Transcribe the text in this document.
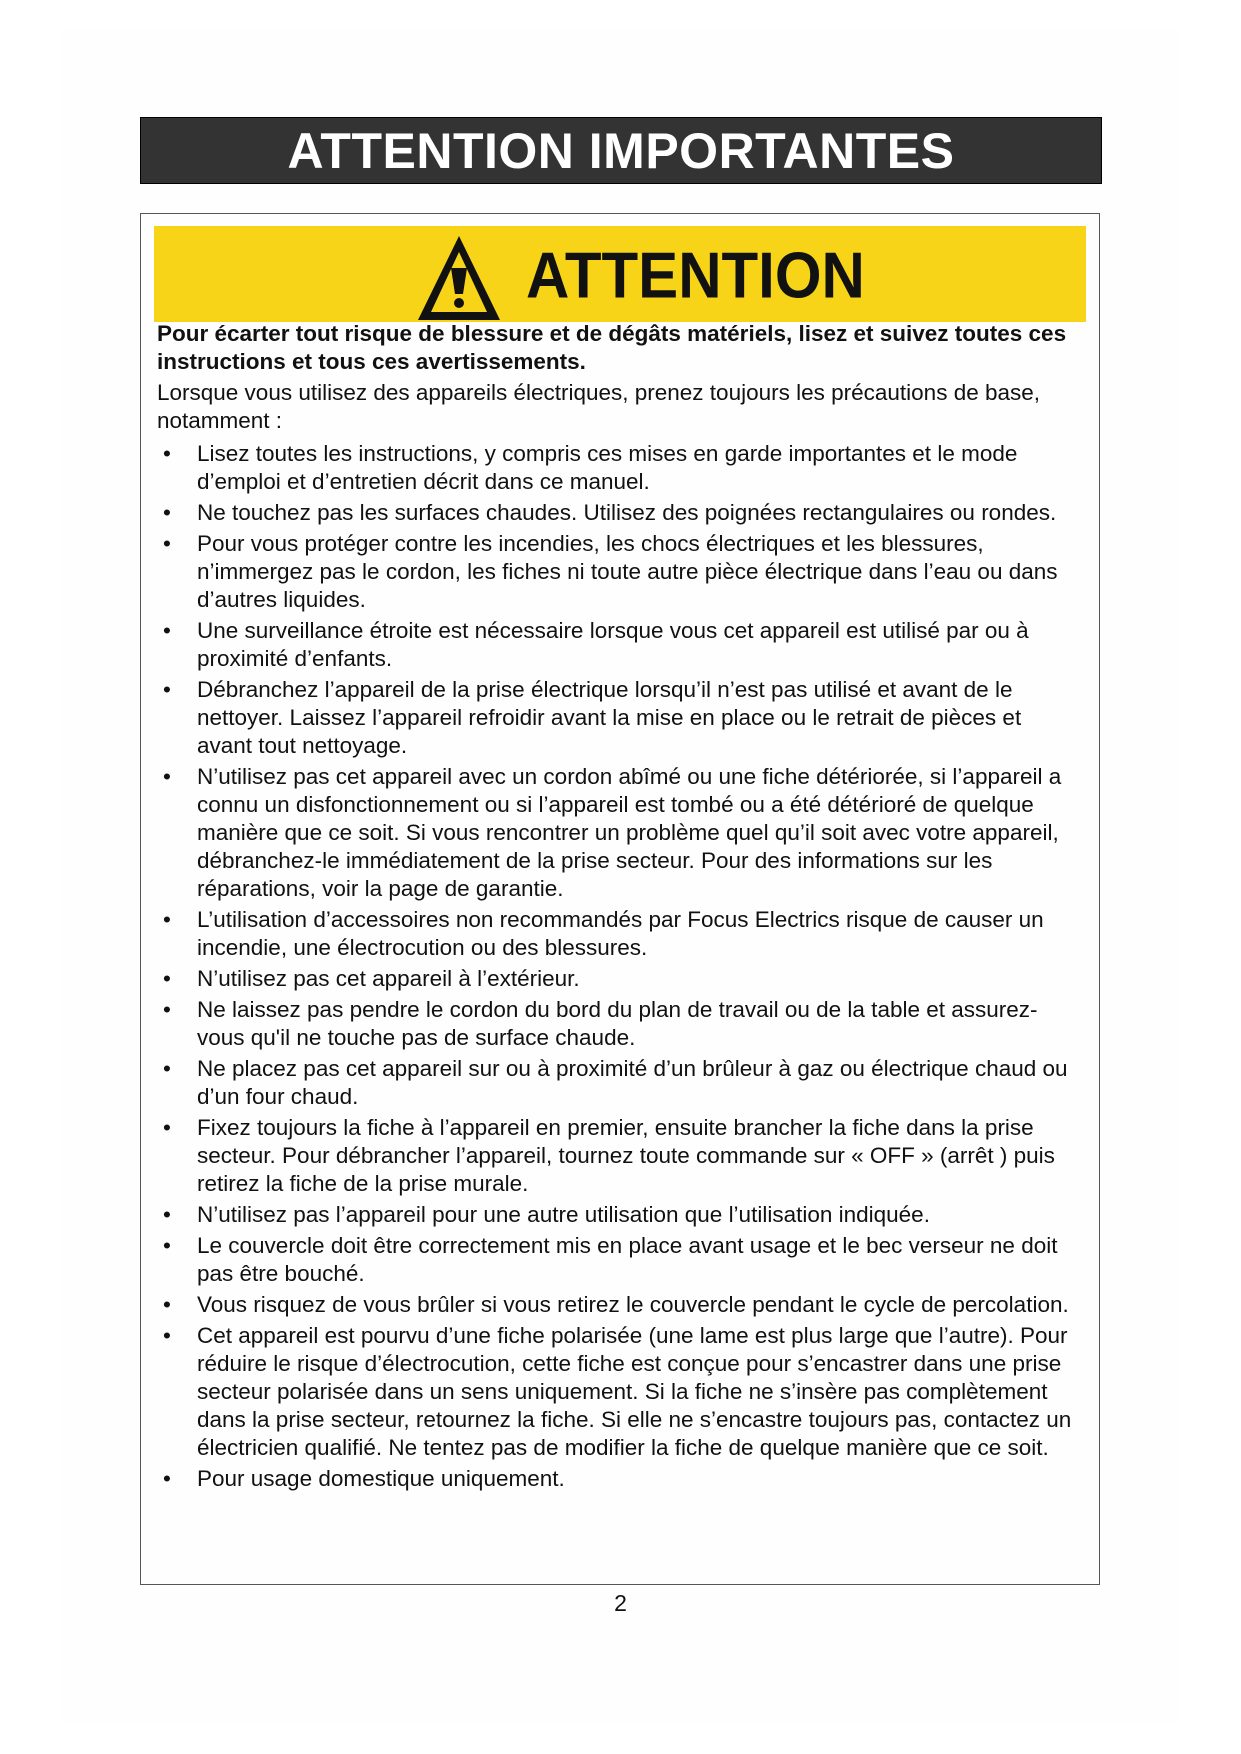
ATTENTION IMPORTANTES
ATTENTION

Pour écarter tout risque de blessure et de dégâts matériels, lisez et suivez toutes ces instructions et tous ces avertissements.

Lorsque vous utilisez des appareils électriques, prenez toujours les précautions de base, notamment :

• Lisez toutes les instructions, y compris ces mises en garde importantes et le mode d’emploi et d’entretien décrit dans ce manuel.
• Ne touchez pas les surfaces chaudes. Utilisez des poignées rectangulaires ou rondes.
• Pour vous protéger contre les incendies, les chocs électriques et les blessures, n’immergez pas le cordon, les fiches ni toute autre pièce électrique dans l’eau ou dans d’autres liquides.
• Une surveillance étroite est nécessaire lorsque vous cet appareil est utilisé par ou à proximité d’enfants.
• Débranchez l’appareil de la prise électrique lorsqu’il n’est pas utilisé et avant de le nettoyer. Laissez l’appareil refroidir avant la mise en place ou le retrait de pièces et avant tout nettoyage.
• N’utilisez pas cet appareil avec un cordon abîmé ou une fiche détériorée, si l’appareil a connu un disfonctionnement ou si l’appareil est tombé ou a été détérioré de quelque manière que ce soit. Si vous rencontrer un problème quel qu’il soit avec votre appareil, débranchez-le immédiatement de la prise secteur. Pour des informations sur les réparations, voir la page de garantie.
• L’utilisation d’accessoires non recommandés par Focus Electrics risque de causer un incendie, une électrocution ou des blessures.
• N’utilisez pas cet appareil à l’extérieur.
• Ne laissez pas pendre le cordon du bord du plan de travail ou de la table et assurez-vous qu'il ne touche pas de surface chaude.
• Ne placez pas cet appareil sur ou à proximité d’un brûleur à gaz ou électrique chaud ou d’un four chaud.
• Fixez toujours la fiche à l’appareil en premier, ensuite brancher la fiche dans la prise secteur. Pour débrancher l’appareil, tournez toute commande sur « OFF » (arrêt ) puis retirez la fiche de la prise murale.
• N’utilisez pas l’appareil pour une autre utilisation que l’utilisation indiquée.
• Le couvercle doit être correctement mis en place avant usage et le bec verseur ne doit pas être bouché.
• Vous risquez de vous brûler si vous retirez le couvercle pendant le cycle de percolation.
• Cet appareil est pourvu d’une fiche polarisée (une lame est plus large que l’autre). Pour réduire le risque d’électrocution, cette fiche est conçue pour s’encastrer dans une prise secteur polarisée dans un sens uniquement. Si la fiche ne s’insère pas complètement dans la prise secteur, retournez la fiche. Si elle ne s’encastre toujours pas, contactez un électricien qualifié. Ne tentez pas de modifier la fiche de quelque manière que ce soit.
• Pour usage domestique uniquement.
2
